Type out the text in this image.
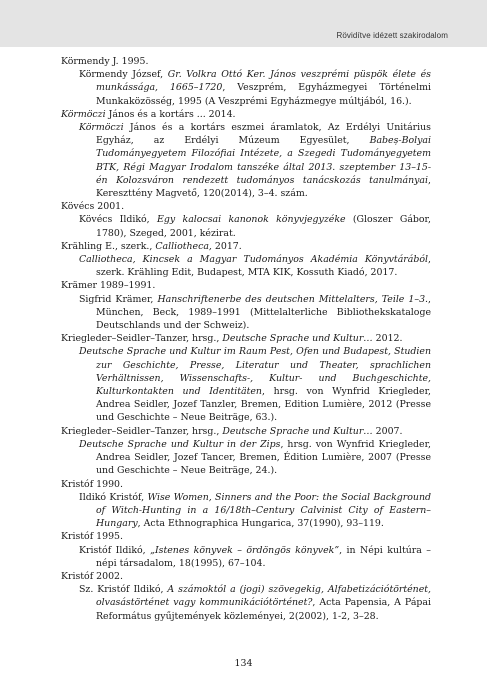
Rövidítve idézett szakirodalom

Körmendy J. 1995.

Körmendy József, Gr. Volkra Ottó Ker. János veszprémi püspök élete és munkássága, 1665–1720, Veszprém, Egyházmegyei Történelmi Munkaközösség, 1995 (A Veszprémi Egyházmegye múltjából, 16.).

Körmöczi János és a kortárs ... 2014.

Körmöczi János és a kortárs eszmei áramlatok, Az Erdélyi Unitárius Egyház, az Erdélyi Múzeum Egyesület, Babeș-Bolyai Tudományegyetem Filozófiai Intézete, a Szegedi Tudományegyetem BTK, Régi Magyar Irodalom tanszéke által 2013. szeptember 13–15-én Kolozsváron rendezett tudományos tanácskozás tanulmányai, Kereszttény Magvető, 120(2014), 3–4. szám.

Kövécs 2001.

Kövécs Ildikó, Egy kalocsai kanonok könyvjegyzéke (Gloszer Gábor, 1780), Szeged, 2001, kézirat.

Krähling E., szerk., Calliotheca, 2017.

Calliotheca, Kincsek a Magyar Tudományos Akadémia Könyvtárából, szerk. Krähling Edit, Budapest, MTA KIK, Kossuth Kiadó, 2017.

Krämer 1989–1991.

Sigfrid Krämer, Hanschriftenerbe des deutschen Mittelalters, Teile 1–3., München, Beck, 1989–1991 (Mittelalterliche Bibliothekskataloge Deutschlands und der Schweiz).

Kriegleder–Seidler–Tanzer, hrsg., Deutsche Sprache und Kultur… 2012.

Deutsche Sprache und Kultur im Raum Pest, Ofen und Budapest, Studien zur Geschichte, Presse, Literatur und Theater, sprachlichen Verhältnissen, Wissenschafts-, Kultur- und Buchgeschichte, Kulturkontakten und Identitäten, hrsg. von Wynfrid Kriegleder, Andrea Seidler, Jozef Tanzler, Bremen, Edition Lumière, 2012 (Presse und Geschichte – Neue Beiträge, 63.).

Kriegleder–Seidler–Tanzer, hrsg., Deutsche Sprache und Kultur… 2007.

Deutsche Sprache und Kultur in der Zips, hrsg. von Wynfrid Kriegleder, Andrea Seidler, Jozef Tancer, Bremen, Édition Lumière, 2007 (Presse und Geschichte – Neue Beiträge, 24.).

Kristóf 1990.

Ildikó Kristóf, Wise Women, Sinners and the Poor: the Social Background of Witch-Hunting in a 16/18th–Century Calvinist City of Eastern–Hungary, Acta Ethnographica Hungarica, 37(1990), 93–119.

Kristóf 1995.

Kristóf Ildikó, „Istenes könyvek – ördöngös könyvek”, in Népi kultúra – népi társadalom, 18(1995), 67–104.

Kristóf 2002.

Sz. Kristóf Ildikó, A számoktól a (jogi) szövegekig, Alfabetizációtörténet, olvasástörténet vagy kommunikációtörténet?, Acta Papensia, A Pápai Református gyűjtemények közleményei, 2(2002), 1-2, 3–28.

134
